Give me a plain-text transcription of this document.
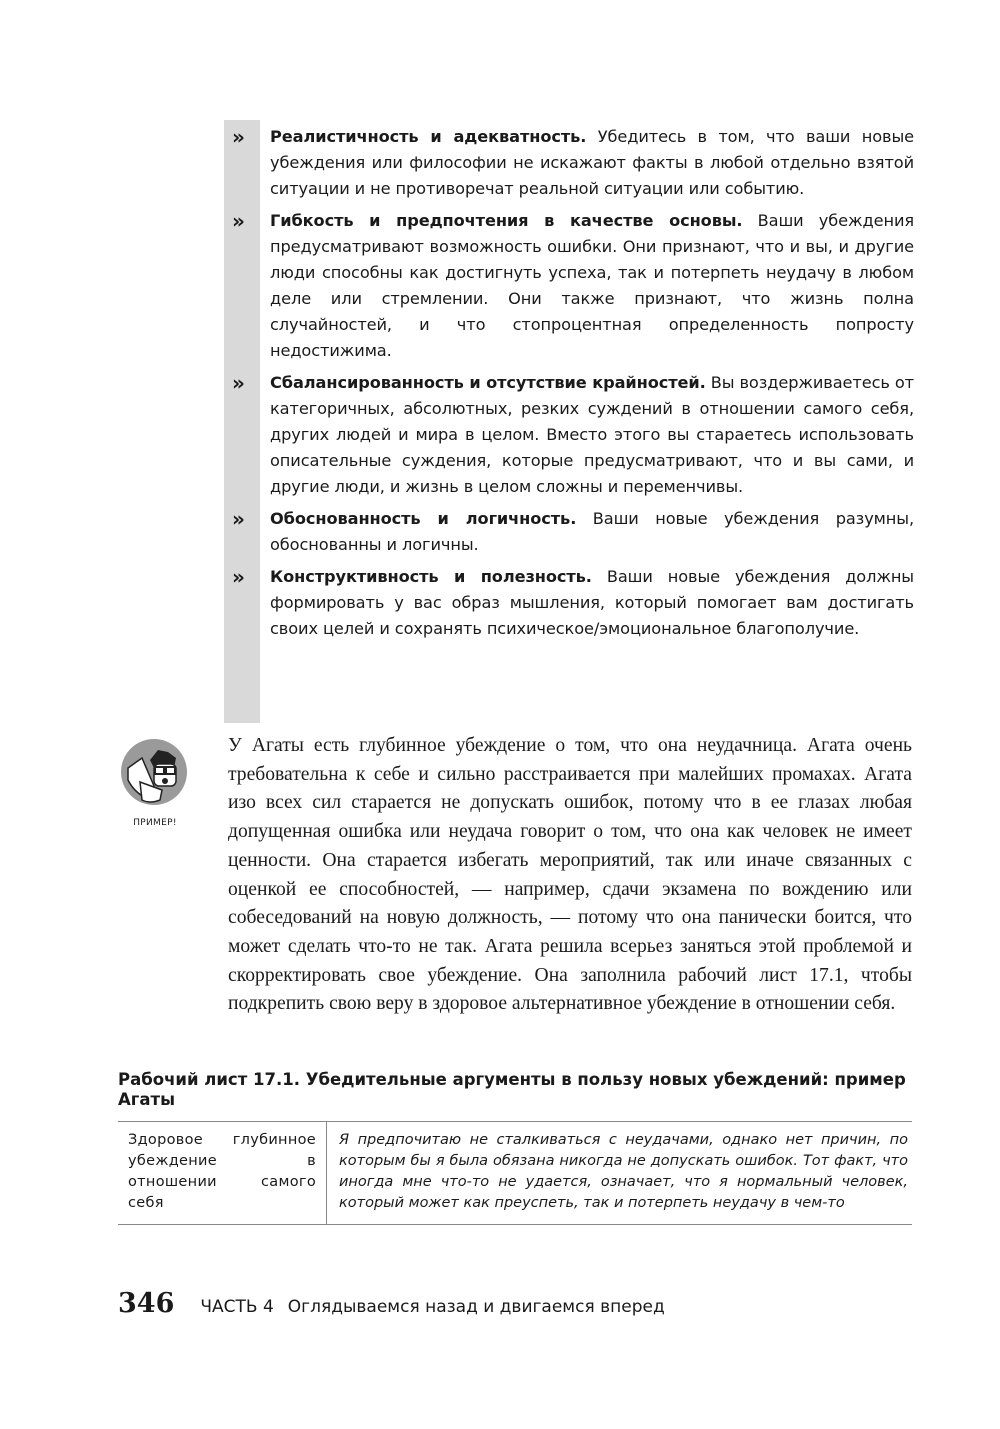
» Реалистичность и адекватность. Убедитесь в том, что ваши новые убеждения или философии не искажают факты в любой отдельно взятой ситуации и не противоречат реальной ситуации или событию.
» Гибкость и предпочтения в качестве основы. Ваши убеждения предусматривают возможность ошибки. Они признают, что и вы, и другие люди способны как достигнуть успеха, так и потерпеть неудачу в любом деле или стремлении. Они также признают, что жизнь полна случайностей, и что стопроцентная определенность попросту недостижима.
» Сбалансированность и отсутствие крайностей. Вы воздерживаетесь от категоричных, абсолютных, резких суждений в отношении самого себя, других людей и мира в целом. Вместо этого вы стараетесь использовать описательные суждения, которые предусматривают, что и вы сами, и другие люди, и жизнь в целом сложны и переменчивы.
» Обоснованность и логичность. Ваши новые убеждения разумны, обоснованны и логичны.
» Конструктивность и полезность. Ваши новые убеждения должны формировать у вас образ мышления, который помогает вам достигать своих целей и сохранять психическое/эмоциональное благополучие.
ПРИМЕР!
У Агаты есть глубинное убеждение о том, что она неудачница. Агата очень требовательна к себе и сильно расстраивается при малейших промахах. Агата изо всех сил старается не допускать ошибок, потому что в ее глазах любая допущенная ошибка или неудача говорит о том, что она как человек не имеет ценности. Она старается избегать мероприятий, так или иначе связанных с оценкой ее способностей, — например, сдачи экзамена по вождению или собеседований на новую должность, — потому что она панически боится, что может сделать что-то не так. Агата решила всерьез заняться этой проблемой и скорректировать свое убеждение. Она заполнила рабочий лист 17.1, чтобы подкрепить свою веру в здоровое альтернативное убеждение в отношении себя.
Рабочий лист 17.1. Убедительные аргументы в пользу новых убеждений: пример Агаты
Здоровое глубинное убеждение в отношении самого себя
Я предпочитаю не сталкиваться с неудачами, однако нет причин, по которым бы я была обязана никогда не допускать ошибок. Тот факт, что иногда мне что-то не удается, означает, что я нормальный человек, который может как преуспеть, так и потерпеть неудачу в чем-то
346 ЧАСТЬ 4 Оглядываемся назад и двигаемся вперед
